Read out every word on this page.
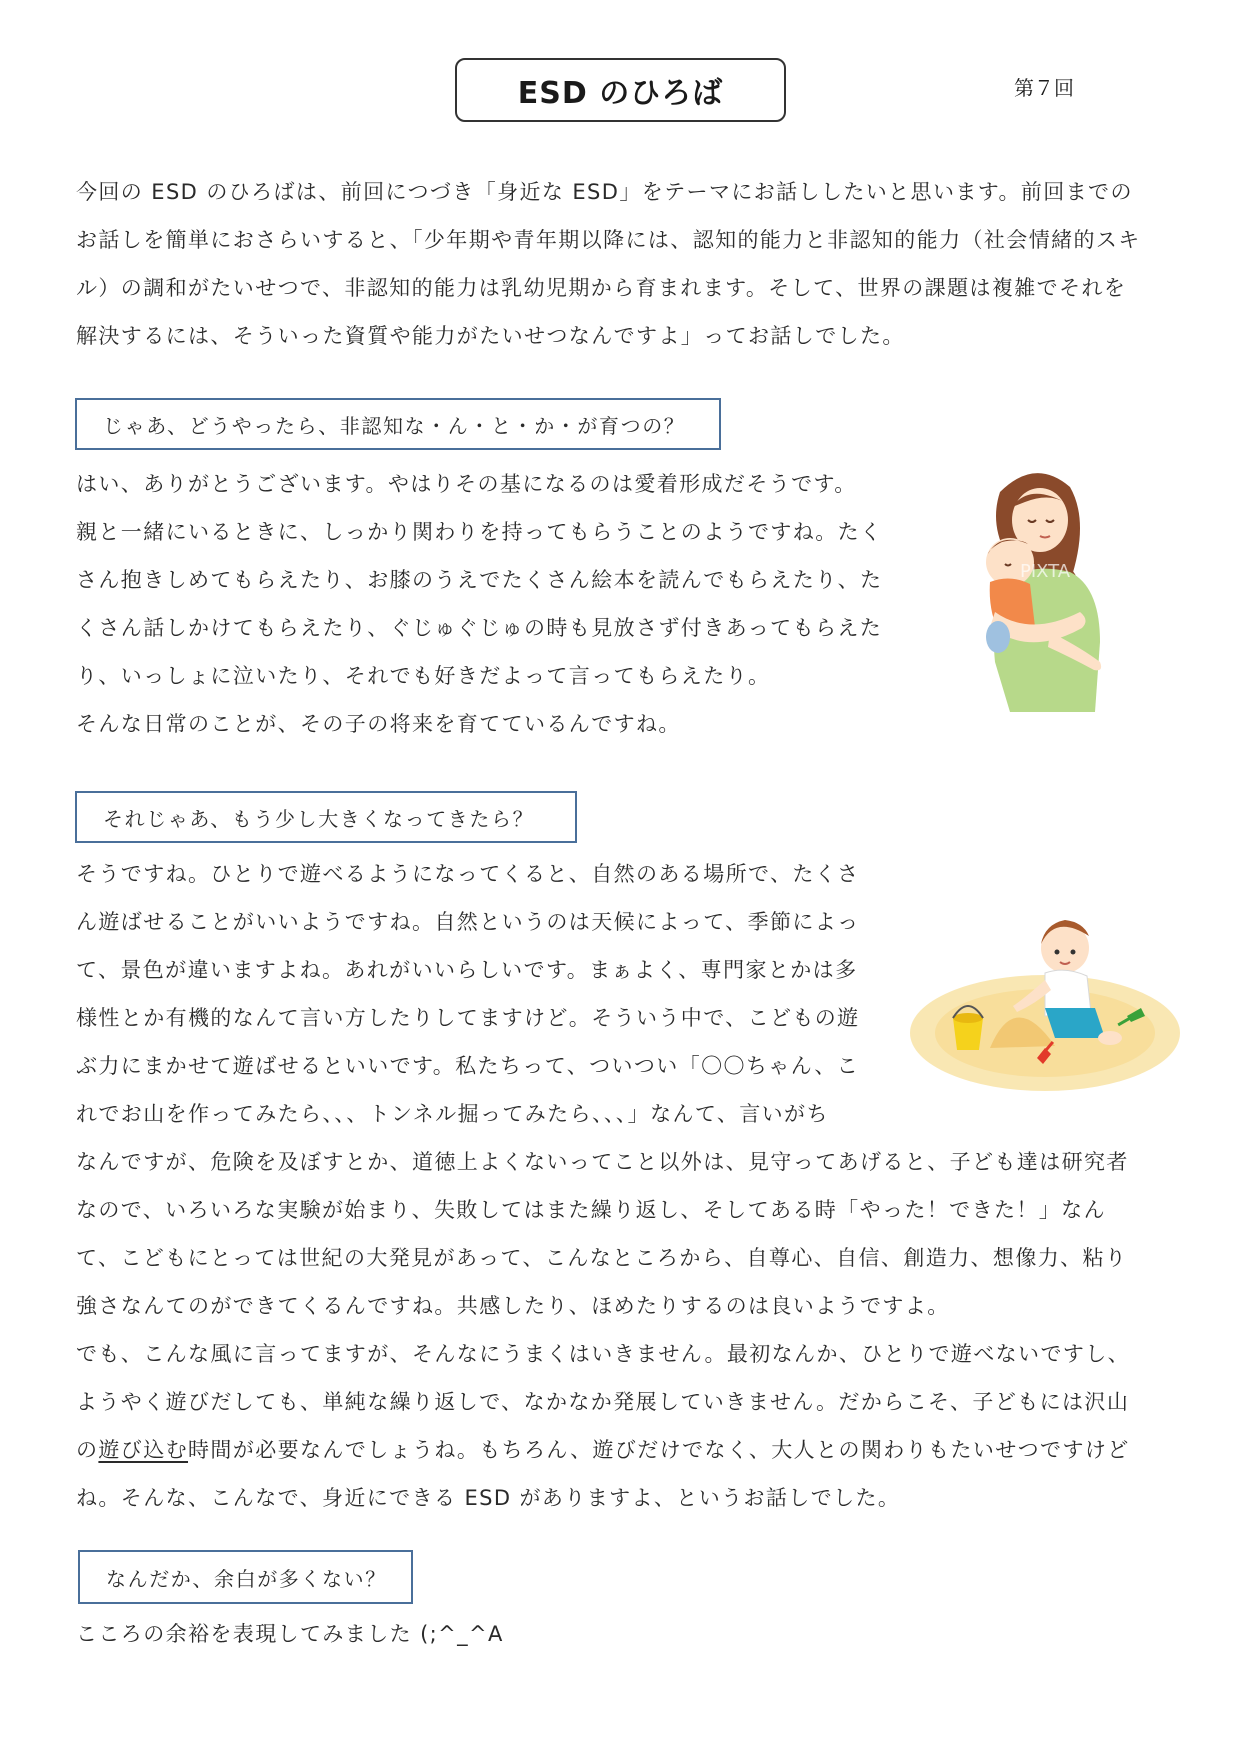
ESD のひろば	第７回
今回の ESD のひろばは、前回につづき「身近な ESD」をテーマにお話ししたいと思います。前回までの
お話しを簡単におさらいすると、「少年期や青年期以降には、認知的能力と非認知的能力（社会情緒的スキ
ル）の調和がたいせつで、非認知的能力は乳幼児期から育まれます。そして、世界の課題は複雑でそれを
解決するには、そういった資質や能力がたいせつなんですよ」ってお話しでした。
じゃあ、どうやったら、非認知な・ん・と・か・が育つの？
はい、ありがとうございます。やはりその基になるのは愛着形成だそうです。
親と一緒にいるときに、しっかり関わりを持ってもらうことのようですね。たく
さん抱きしめてもらえたり、お膝のうえでたくさん絵本を読んでもらえたり、た
くさん話しかけてもらえたり、ぐじゅぐじゅの時も見放さず付きあってもらえた
り、いっしょに泣いたり、それでも好きだよって言ってもらえたり。
そんな日常のことが、その子の将来を育てているんですね。
PIXTA
それじゃあ、もう少し大きくなってきたら？
そうですね。ひとりで遊べるようになってくると、自然のある場所で、たくさ
ん遊ばせることがいいようですね。自然というのは天候によって、季節によっ
て、景色が違いますよね。あれがいいらしいです。まぁよく、専門家とかは多
様性とか有機的なんて言い方したりしてますけど。そういう中で、こどもの遊
ぶ力にまかせて遊ばせるといいです。私たちって、ついつい「〇〇ちゃん、こ
れでお山を作ってみたら、、、トンネル掘ってみたら、、、」なんて、言いがち
なんですが、危険を及ぼすとか、道徳上よくないってこと以外は、見守ってあげると、子ども達は研究者
なので、いろいろな実験が始まり、失敗してはまた繰り返し、そしてある時「やった！できた！」なん
て、こどもにとっては世紀の大発見があって、こんなところから、自尊心、自信、創造力、想像力、粘り
強さなんてのができてくるんですね。共感したり、ほめたりするのは良いようですよ。
でも、こんな風に言ってますが、そんなにうまくはいきません。最初なんか、ひとりで遊べないですし、
ようやく遊びだしても、単純な繰り返しで、なかなか発展していきません。だからこそ、子どもには沢山
の遊び込む時間が必要なんでしょうね。もちろん、遊びだけでなく、大人との関わりもたいせつですけど
ね。そんな、こんなで、身近にできる ESD がありますよ、というお話しでした。
なんだか、余白が多くない？
こころの余裕を表現してみました (;^_^A
